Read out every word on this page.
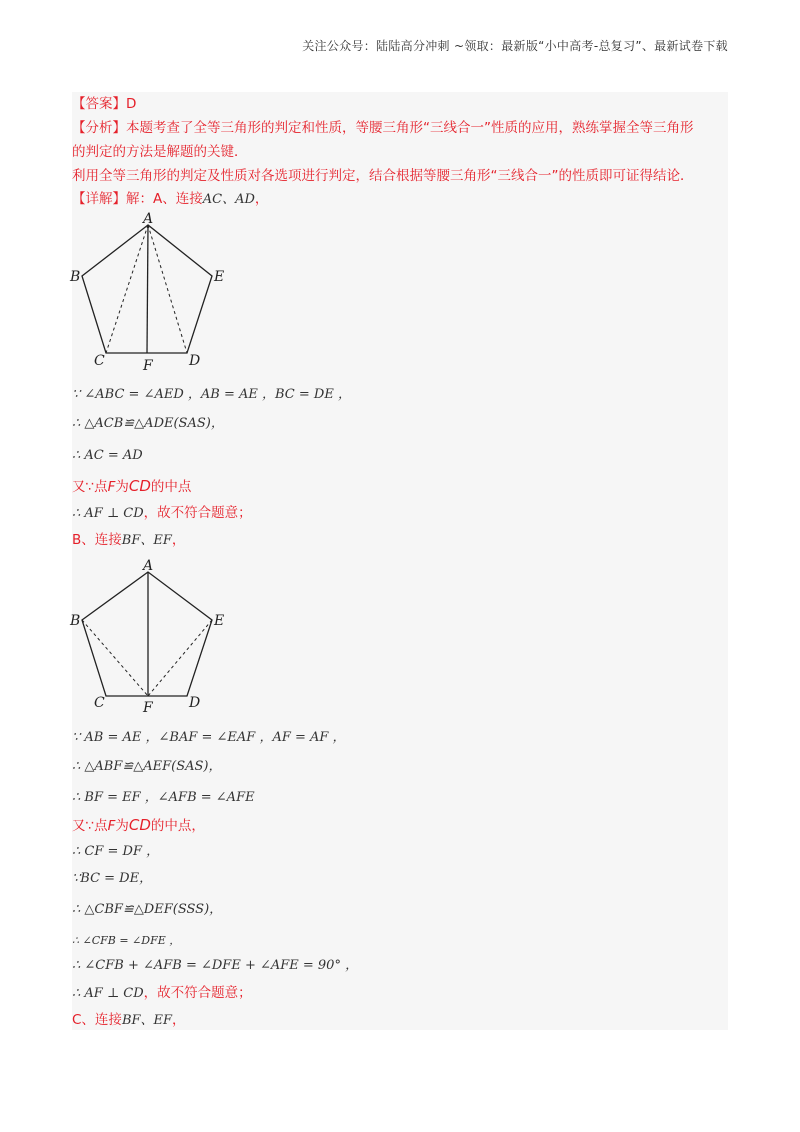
关注公众号：陆陆高分冲刺 ~领取：最新版“小中高考-总复习”、最新试卷下载
【答案】D
【分析】本题考查了全等三角形的判定和性质，等腰三角形“三线合一”性质的应用，熟练掌握全等三角形
的判定的方法是解题的关键．
利用全等三角形的判定及性质对各选项进行判定，结合根据等腰三角形“三线合一”的性质即可证得结论．
【详解】解：A、连接AC、AD，
A
B	E
C	F	D
∵ ∠ABC = ∠AED ，AB = AE ，BC = DE ，
∴ △ACB≌△ADE(SAS)，
∴ AC = AD
又∵点F为CD的中点
∴ AF ⊥ CD，故不符合题意；
B、连接BF、EF，
A
B	E
C	F	D
∵ AB = AE ，∠BAF = ∠EAF ，AF = AF ，
∴ △ABF≌△AEF(SAS)，
∴ BF = EF ，∠AFB = ∠AFE
又∵点F为CD的中点，
∴ CF = DF ，
∵BC = DE，
∴ △CBF≌△DEF(SSS)，
∴ ∠CFB = ∠DFE ，
∴ ∠CFB + ∠AFB = ∠DFE + ∠AFE = 90° ，
∴ AF ⊥ CD，故不符合题意；
C、连接BF、EF，
